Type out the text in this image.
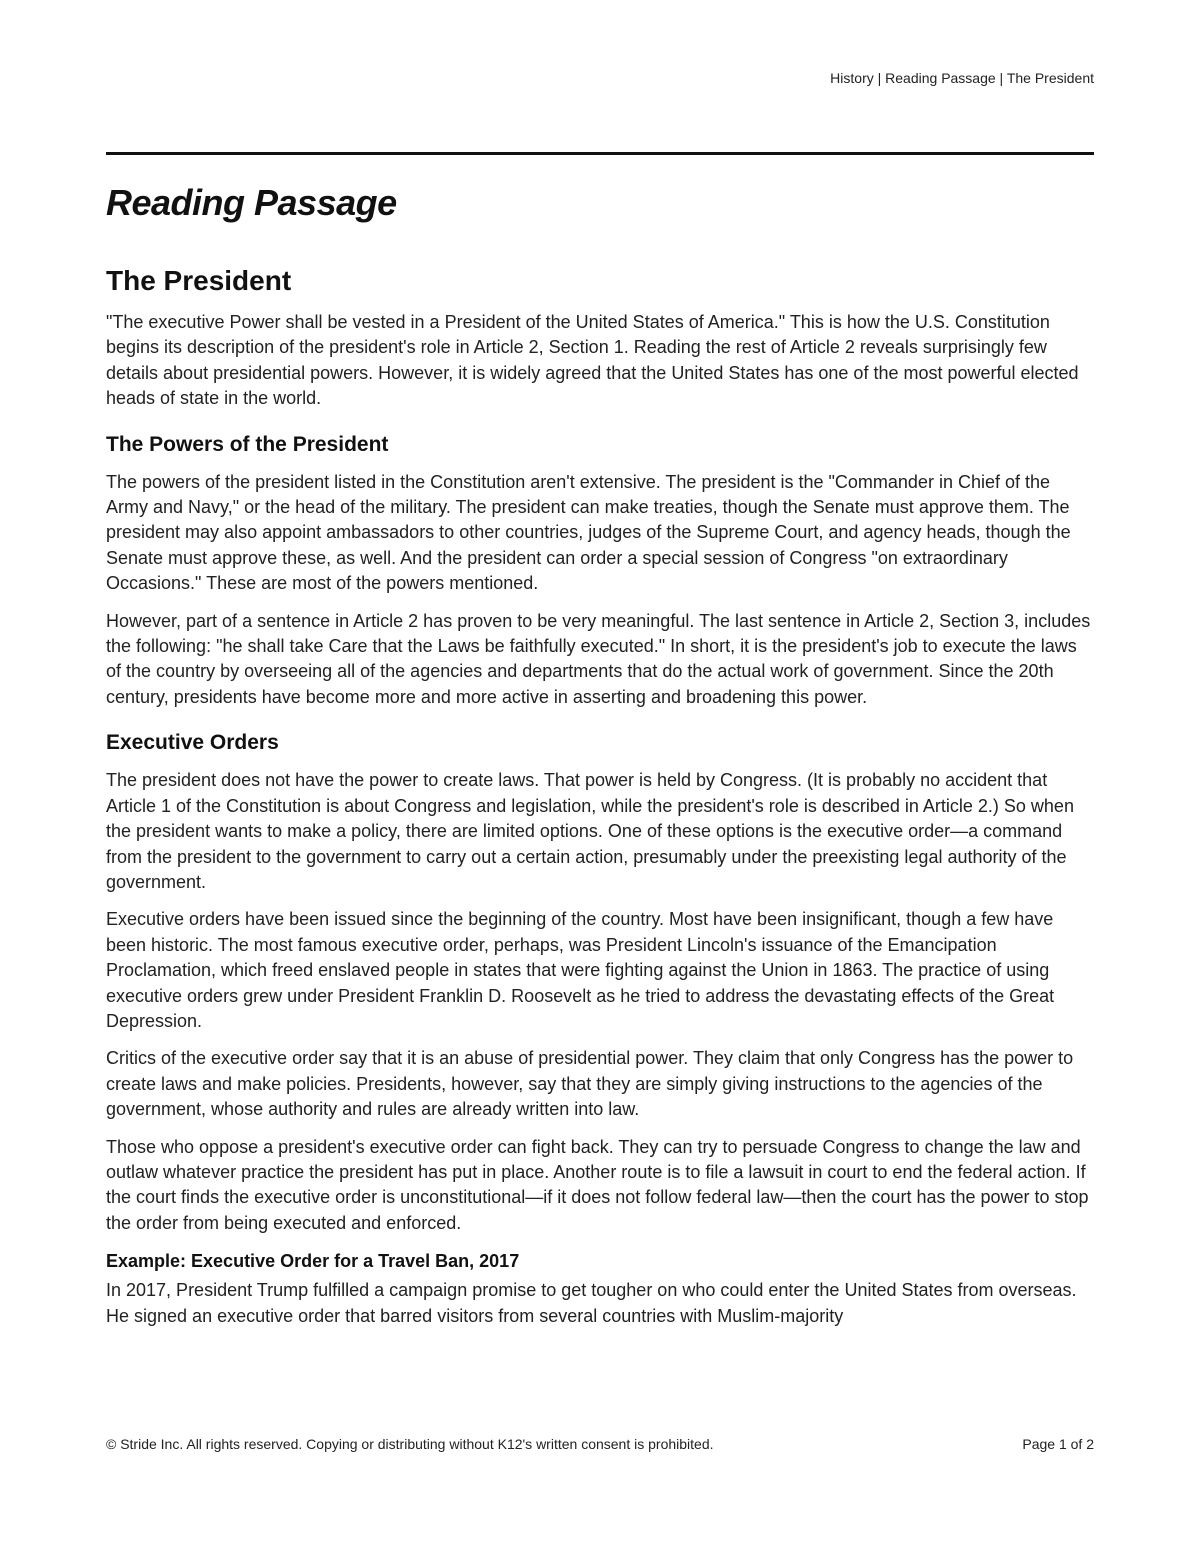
History | Reading Passage | The President
Reading Passage
The President

"The executive Power shall be vested in a President of the United States of America." This is how the U.S. Constitution begins its description of the president's role in Article 2, Section 1. Reading the rest of Article 2 reveals surprisingly few details about presidential powers. However, it is widely agreed that the United States has one of the most powerful elected heads of state in the world.

The Powers of the President

The powers of the president listed in the Constitution aren't extensive. The president is the "Commander in Chief of the Army and Navy," or the head of the military. The president can make treaties, though the Senate must approve them. The president may also appoint ambassadors to other countries, judges of the Supreme Court, and agency heads, though the Senate must approve these, as well. And the president can order a special session of Congress "on extraordinary Occasions." These are most of the powers mentioned.

However, part of a sentence in Article 2 has proven to be very meaningful. The last sentence in Article 2, Section 3, includes the following: "he shall take Care that the Laws be faithfully executed." In short, it is the president's job to execute the laws of the country by overseeing all of the agencies and departments that do the actual work of government. Since the 20th century, presidents have become more and more active in asserting and broadening this power.

Executive Orders

The president does not have the power to create laws. That power is held by Congress. (It is probably no accident that Article 1 of the Constitution is about Congress and legislation, while the president's role is described in Article 2.) So when the president wants to make a policy, there are limited options. One of these options is the executive order—a command from the president to the government to carry out a certain action, presumably under the preexisting legal authority of the government.

Executive orders have been issued since the beginning of the country. Most have been insignificant, though a few have been historic. The most famous executive order, perhaps, was President Lincoln's issuance of the Emancipation Proclamation, which freed enslaved people in states that were fighting against the Union in 1863. The practice of using executive orders grew under President Franklin D. Roosevelt as he tried to address the devastating effects of the Great Depression.

Critics of the executive order say that it is an abuse of presidential power. They claim that only Congress has the power to create laws and make policies. Presidents, however, say that they are simply giving instructions to the agencies of the government, whose authority and rules are already written into law.

Those who oppose a president's executive order can fight back. They can try to persuade Congress to change the law and outlaw whatever practice the president has put in place. Another route is to file a lawsuit in court to end the federal action. If the court finds the executive order is unconstitutional—if it does not follow federal law—then the court has the power to stop the order from being executed and enforced.

Example: Executive Order for a Travel Ban, 2017

In 2017, President Trump fulfilled a campaign promise to get tougher on who could enter the United States from overseas. He signed an executive order that barred visitors from several countries with Muslim-majority

© Stride Inc. All rights reserved. Copying or distributing without K12's written consent is prohibited.	Page 1 of 2
